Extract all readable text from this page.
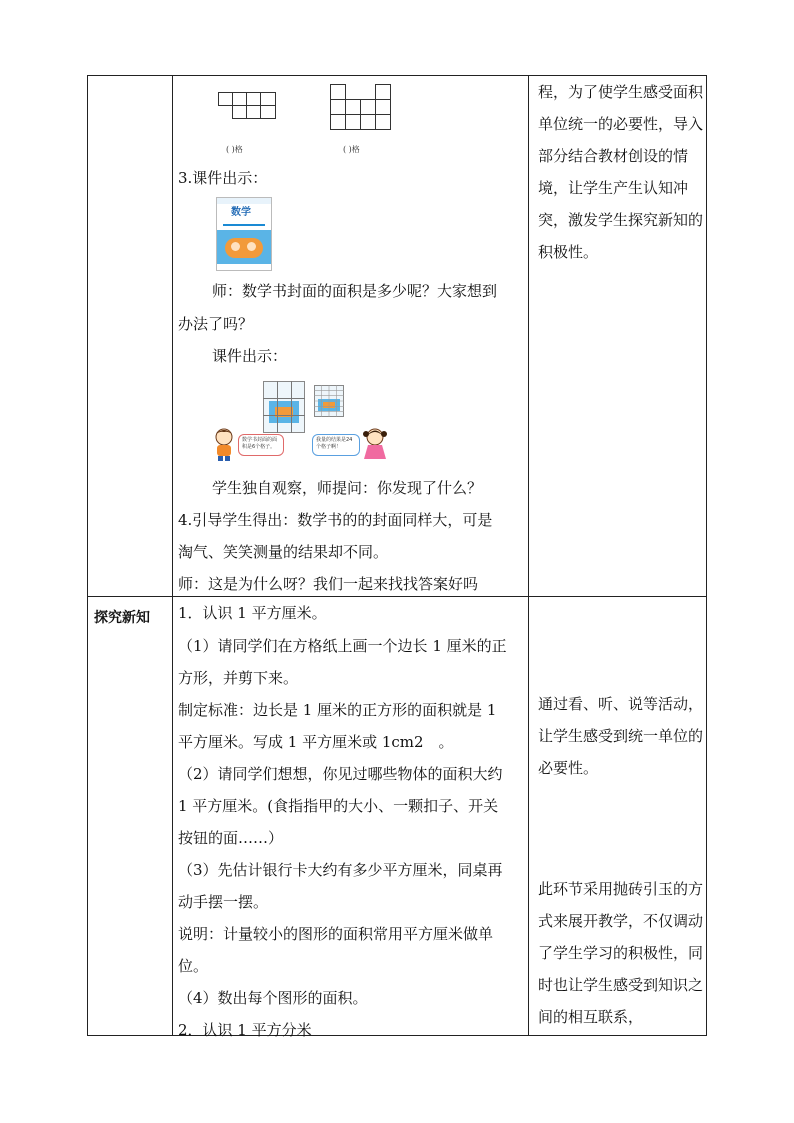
( )格	( )格
3.课件出示：
数学
师：数学书封面的面积是多少呢？大家想到
办法了吗？
课件出示：
数学书封面的面积是6个格子。
我量的结果是24个格子啊！
学生独自观察，师提问：你发现了什么？
4.引导学生得出：数学书的的封面同样大，可是
淘气、笑笑测量的结果却不同。
师：这是为什么呀？我们一起来找找答案好吗
程，为了使学生感受面积单位统一的必要性，导入部分结合教材创设的情境，让学生产生认知冲突，激发学生探究新知的积极性。
探究新知 1．认识 1 平方厘米。
（1）请同学们在方格纸上画一个边长 1 厘米的正
方形，并剪下来。
制定标准：边长是 1 厘米的正方形的面积就是 1
平方厘米。写成 1 平方厘米或 1cm2　。
（2）请同学们想想，你见过哪些物体的面积大约
1 平方厘米。(食指指甲的大小、一颗扣子、开关
按钮的面……）
（3）先估计银行卡大约有多少平方厘米，同桌再
动手摆一摆。
说明：计量较小的图形的面积常用平方厘米做单
位。
（4）数出每个图形的面积。
2．认识 1 平方分米
通过看、听、说等活动，让学生感受到统一单位的必要性。
此环节采用抛砖引玉的方式来展开教学，不仅调动了学生学习的积极性，同时也让学生感受到知识之间的相互联系，
